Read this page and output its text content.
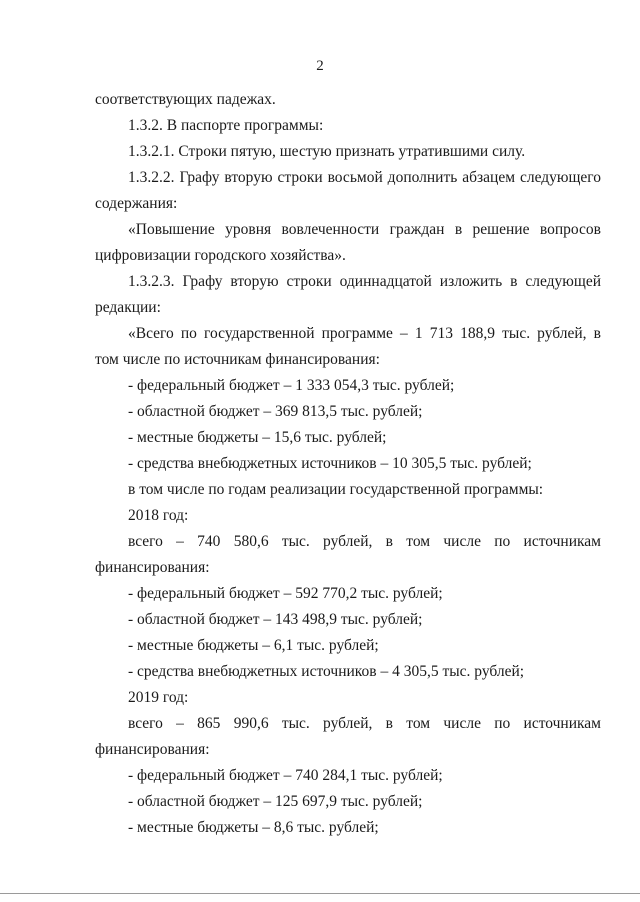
2
соответствующих падежах.
1.3.2. В паспорте программы:
1.3.2.1. Строки пятую, шестую признать утратившими силу.
1.3.2.2. Графу вторую строки восьмой дополнить абзацем следующего
содержания:
«Повышение уровня вовлеченности граждан в решение вопросов
цифровизации городского хозяйства».
1.3.2.3. Графу вторую строки одиннадцатой изложить в следующей
редакции:
«Всего по государственной программе – 1 713 188,9 тыс. рублей, в
том числе по источникам финансирования:
- федеральный бюджет – 1 333 054,3 тыс. рублей;
- областной бюджет – 369 813,5 тыс. рублей;
- местные бюджеты – 15,6 тыс. рублей;
- средства внебюджетных источников – 10 305,5 тыс. рублей;
в том числе по годам реализации государственной программы:
2018 год:
всего – 740 580,6 тыс. рублей, в том числе по источникам
финансирования:
- федеральный бюджет – 592 770,2 тыс. рублей;
- областной бюджет – 143 498,9 тыс. рублей;
- местные бюджеты – 6,1 тыс. рублей;
- средства внебюджетных источников – 4 305,5 тыс. рублей;
2019 год:
всего – 865 990,6 тыс. рублей, в том числе по источникам
финансирования:
- федеральный бюджет – 740 284,1 тыс. рублей;
- областной бюджет – 125 697,9 тыс. рублей;
- местные бюджеты – 8,6 тыс. рублей;
